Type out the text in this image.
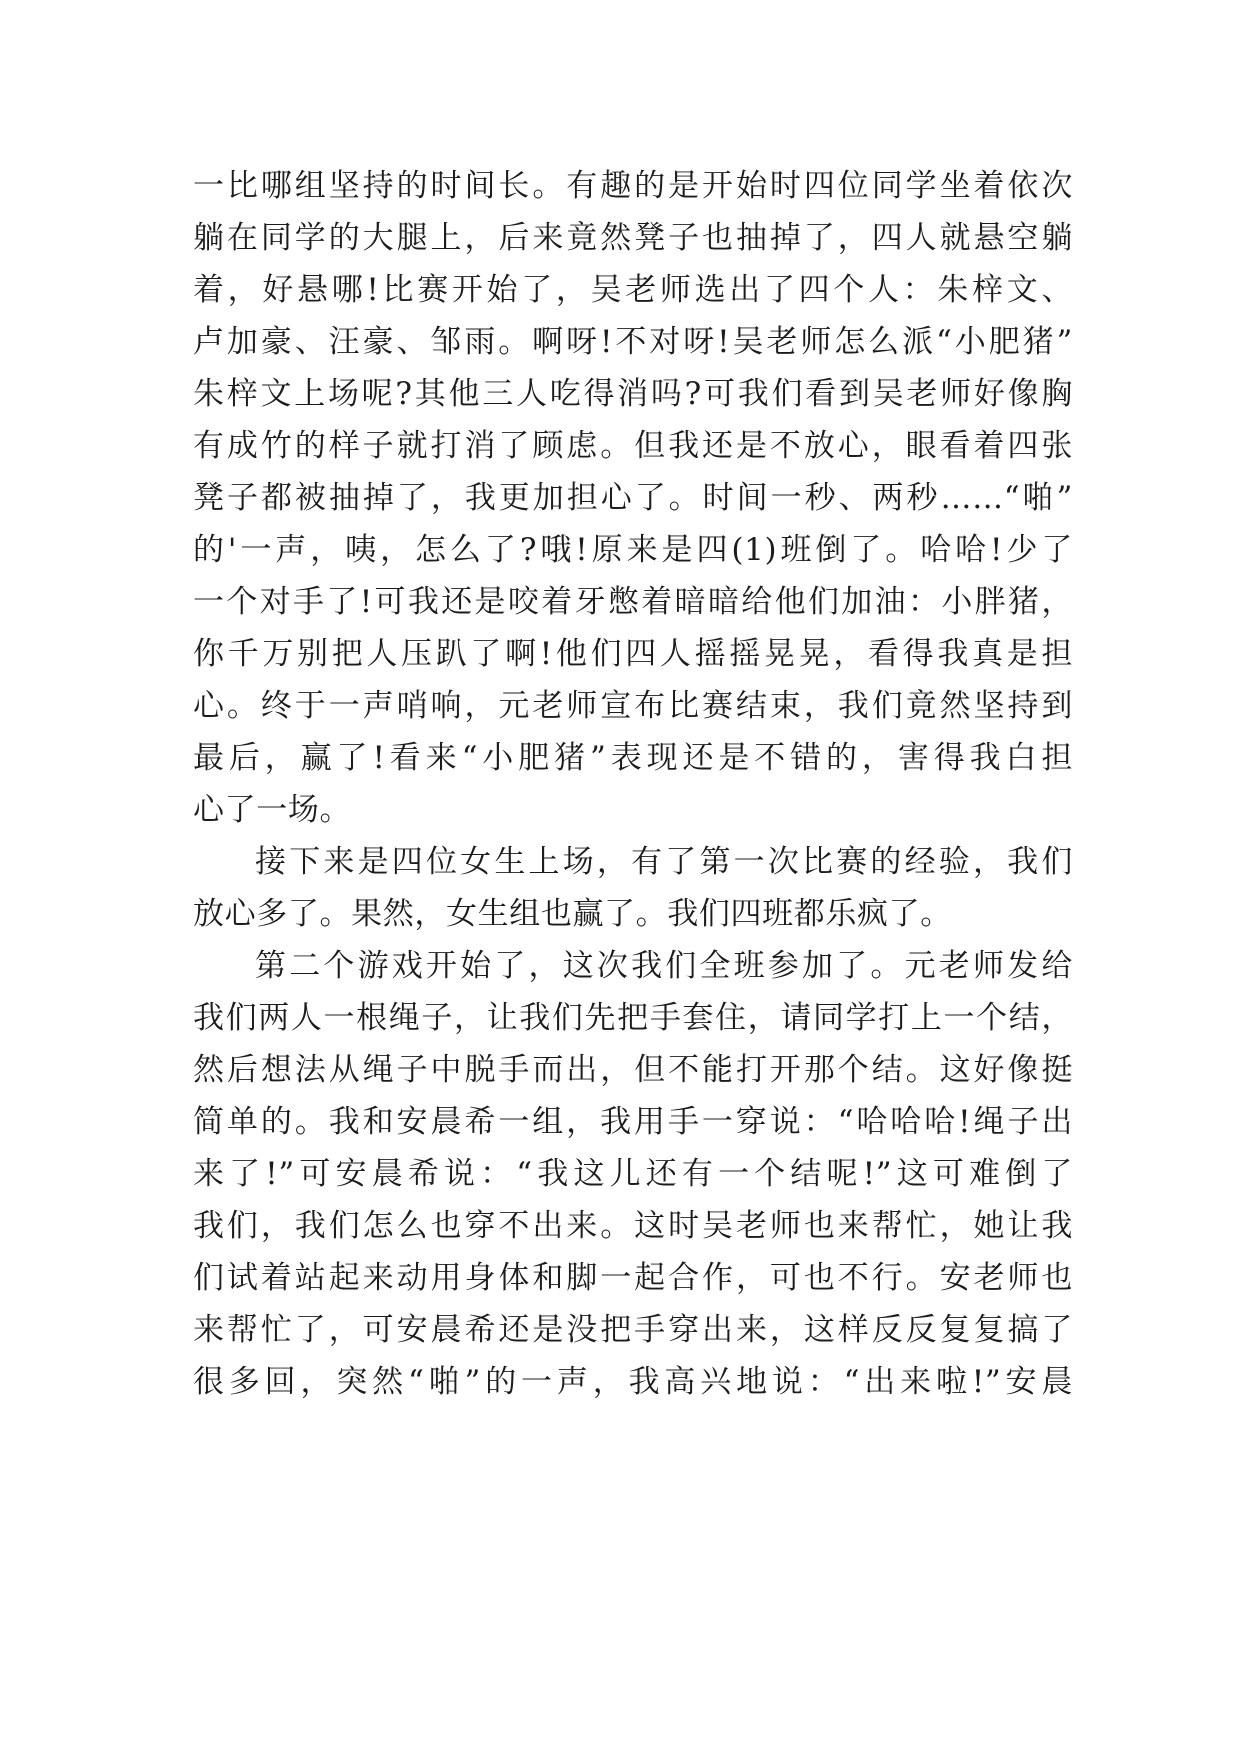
一比哪组坚持的时间长。有趣的是开始时四位同学坐着依次
躺在同学的大腿上，后来竟然凳子也抽掉了，四人就悬空躺
着，好悬哪!比赛开始了，吴老师选出了四个人：朱梓文、
卢加豪、汪豪、邹雨。啊呀!不对呀!吴老师怎么派“小肥猪”
朱梓文上场呢?其他三人吃得消吗?可我们看到吴老师好像胸
有成竹的样子就打消了顾虑。但我还是不放心，眼看着四张
凳子都被抽掉了，我更加担心了。时间一秒、两秒……“啪”
的'一声，咦，怎么了?哦!原来是四(1)班倒了。哈哈!少了
一个对手了!可我还是咬着牙憋着暗暗给他们加油：小胖猪，
你千万别把人压趴了啊!他们四人摇摇晃晃，看得我真是担
心。终于一声哨响，元老师宣布比赛结束，我们竟然坚持到
最后，赢了!看来“小肥猪”表现还是不错的，害得我白担
心了一场。
接下来是四位女生上场，有了第一次比赛的经验，我们
放心多了。果然，女生组也赢了。我们四班都乐疯了。
第二个游戏开始了，这次我们全班参加了。元老师发给
我们两人一根绳子，让我们先把手套住，请同学打上一个结，
然后想法从绳子中脱手而出，但不能打开那个结。这好像挺
简单的。我和安晨希一组，我用手一穿说：“哈哈哈!绳子出
来了!”可安晨希说：“我这儿还有一个结呢!”这可难倒了
我们，我们怎么也穿不出来。这时吴老师也来帮忙，她让我
们试着站起来动用身体和脚一起合作，可也不行。安老师也
来帮忙了，可安晨希还是没把手穿出来，这样反反复复搞了
很多回，突然“啪”的一声，我高兴地说：“出来啦!”安晨
